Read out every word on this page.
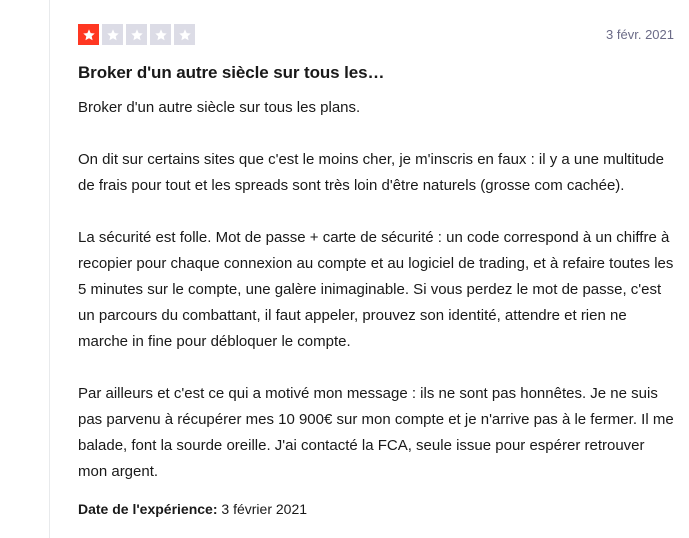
3 févr. 2021
Broker d'un autre siècle sur tous les…

Broker d'un autre siècle sur tous les plans.

On dit sur certains sites que c'est le moins cher, je m'inscris en faux : il y a une multitude de frais pour tout et les spreads sont très loin d'être naturels (grosse com cachée).

La sécurité est folle. Mot de passe + carte de sécurité : un code correspond à un chiffre à recopier pour chaque connexion au compte et au logiciel de trading, et à refaire toutes les 5 minutes sur le compte, une galère inimaginable. Si vous perdez le mot de passe, c'est un parcours du combattant, il faut appeler, prouvez son identité, attendre et rien ne marche in fine pour débloquer le compte.

Par ailleurs et c'est ce qui a motivé mon message : ils ne sont pas honnêtes. Je ne suis pas parvenu à récupérer mes 10 900€ sur mon compte et je n'arrive pas à le fermer. Il me balade, font la sourde oreille. J'ai contacté la FCA, seule issue pour espérer retrouver mon argent.

Date de l'expérience: 3 février 2021
